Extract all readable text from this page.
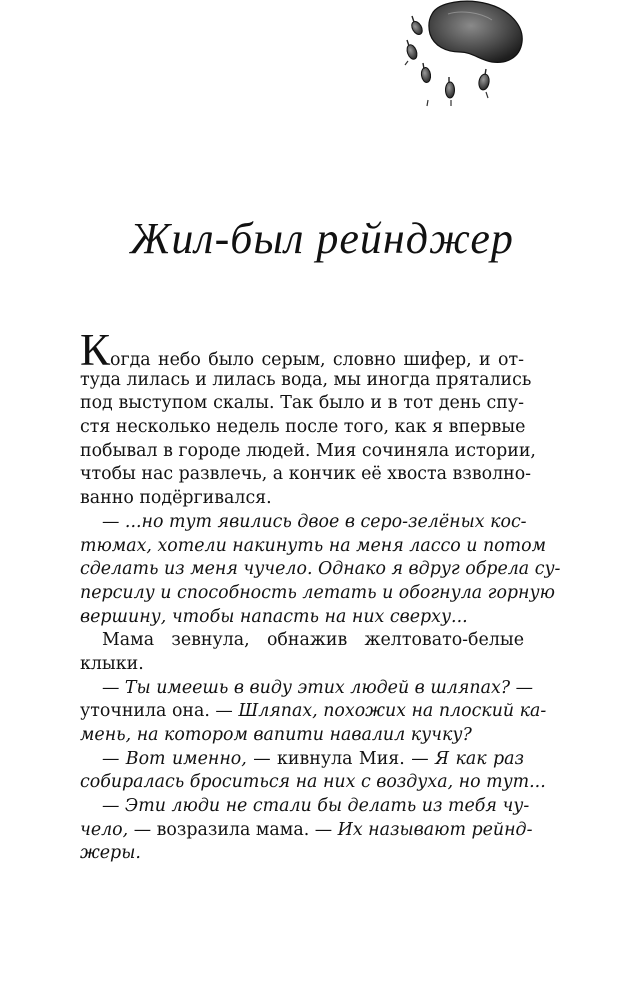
Жил-был рейнджер
Когда небо было серым, словно шифер, и от-
туда лилась и лилась вода, мы иногда прятались
под выступом скалы. Так было и в тот день спу-
стя несколько недель после того, как я впервые
побывал в городе людей. Мия сочиняла истории,
чтобы нас развлечь, а кончик её хвоста взволно-
ванно подёргивался.
— ...но тут явились двое в серо-зелёных кос-
тюмах, хотели накинуть на меня лассо и потом
сделать из меня чучело. Однако я вдруг обрела су-
персилу и способность летать и обогнула горную
вершину, чтобы напасть на них сверху...
Мама зевнула, обнажив желтовато-белые
клыки.
— Ты имеешь в виду этих людей в шляпах? —
уточнила она. — Шляпах, похожих на плоский ка-
мень, на котором вапити навалил кучку?
— Вот именно, — кивнула Мия. — Я как раз
собиралась броситься на них с воздуха, но тут...
— Эти люди не стали бы делать из тебя чу-
чело, — возразила мама. — Их называют рейнд-
жеры.
